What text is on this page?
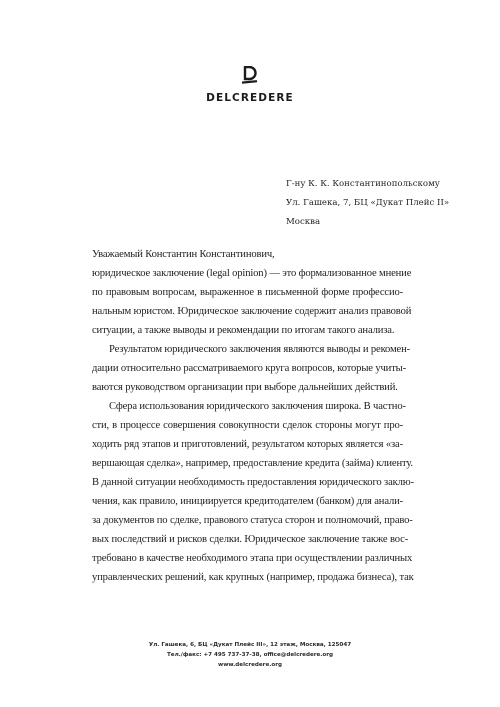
DELCREDERE
Г-ну К. К. Константинопольскому
Ул. Гашека, 7, БЦ «Дукат Плейс II»
Москва
Уважаемый Константин Константинович,
юридическое заключение (legal opinion) — это формализованное мнение
по правовым вопросам, выраженное в письменной форме профессио-
нальным юристом. Юридическое заключение содержит анализ правовой
ситуации, а также выводы и рекомендации по итогам такого анализа.
Результатом юридического заключения являются выводы и рекомен-
дации относительно рассматриваемого круга вопросов, которые учиты-
ваются руководством организации при выборе дальнейших действий.
Сфера использования юридического заключения широка. В частно-
сти, в процессе совершения совокупности сделок стороны могут про-
ходить ряд этапов и приготовлений, результатом которых является «за-
вершающая сделка», например, предоставление кредита (займа) клиенту.
В данной ситуации необходимость предоставления юридического заклю-
чения, как правило, инициируется кредитодателем (банком) для анали-
за документов по сделке, правового статуса сторон и полномочий, право-
вых последствий и рисков сделки. Юридическое заключение также вос-
требовано в качестве необходимого этапа при осуществлении различных
управленческих решений, как крупных (например, продажа бизнеса), так
Ул. Гашека, 6, БЦ «Дукат Плейс III», 12 этаж, Москва, 125047
Тел./факс: +7 495 737-37-38, office@delcredere.org
www.delcredere.org
